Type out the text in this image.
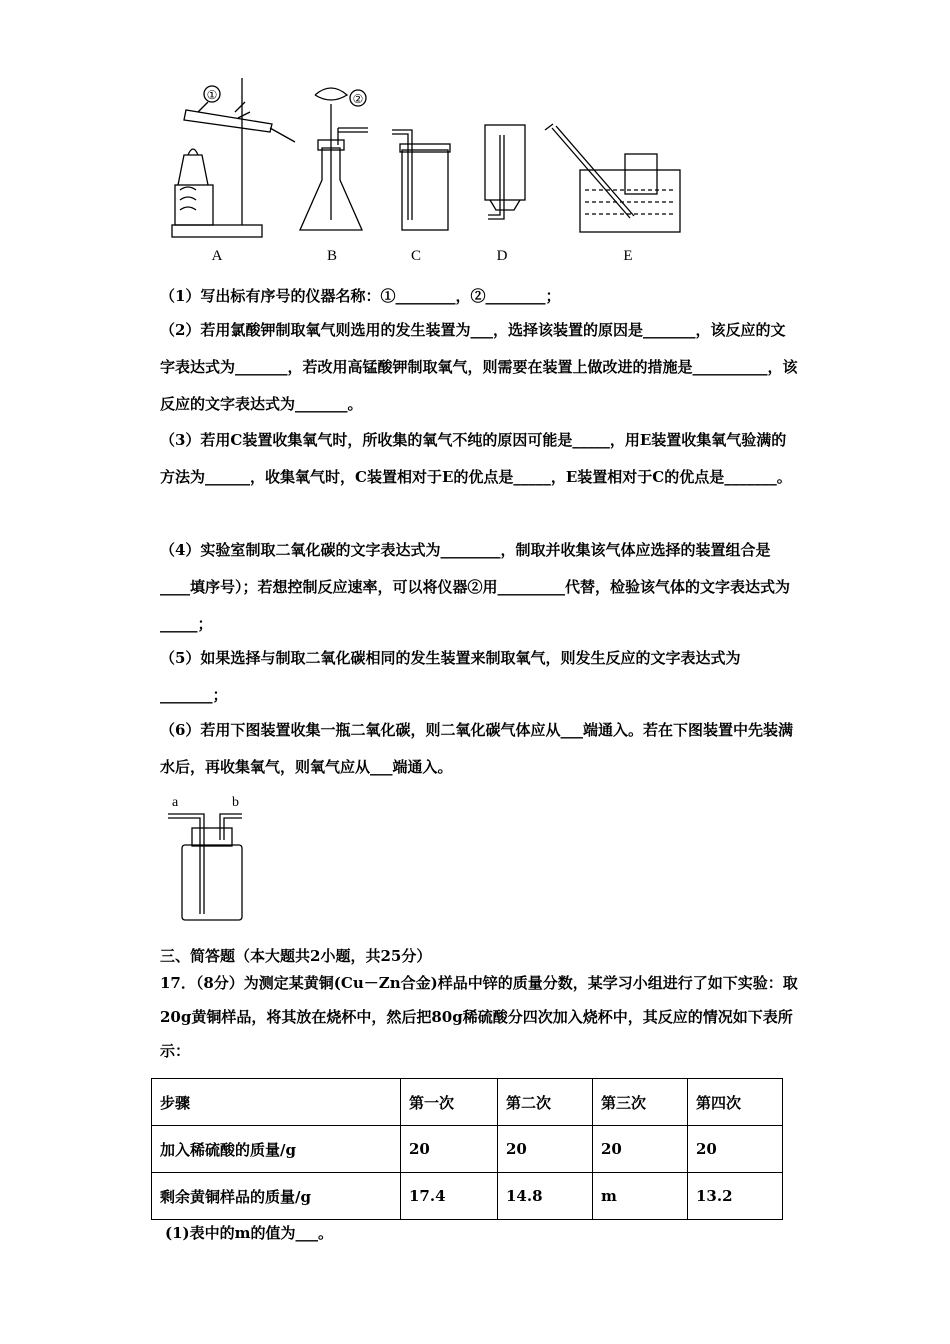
A	B	C	D	E
①	②

（1）写出标有序号的仪器名称：①________，②________；

（2）若用氯酸钾制取氧气则选用的发生装置为___，选择该装置的原因是_______，该反应的文字表达式为_______，若改用高锰酸钾制取氧气，则需要在装置上做改进的措施是__________，该反应的文字表达式为_______。

（3）若用C装置收集氧气时，所收集的氧气不纯的原因可能是_____，用E装置收集氧气验满的方法为______，收集氧气时，C装置相对于E的优点是_____，E装置相对于C的优点是_______。

（4）实验室制取二氧化碳的文字表达式为________，制取并收集该气体应选择的装置组合是____填序号）；若想控制反应速率，可以将仪器②用_________代替，检验该气体的文字表达式为_____；

（5）如果选择与制取二氧化碳相同的发生装置来制取氧气，则发生反应的文字表达式为_______；

（6）若用下图装置收集一瓶二氧化碳，则二氧化碳气体应从___端通入。若在下图装置中先装满水后，再收集氧气，则氧气应从___端通入。

a	b

三、简答题（本大题共2小题，共25分）

17．（8分）为测定某黄铜(Cu－Zn合金)样品中锌的质量分数，某学习小组进行了如下实验：取20g黄铜样品，将其放在烧杯中，然后把80g稀硫酸分四次加入烧杯中，其反应的情况如下表所示：

步骤	第一次	第二次	第三次	第四次
加入稀硫酸的质量/g	20	20	20	20
剩余黄铜样品的质量/g	17.4	14.8	m	13.2

(1)表中的m的值为___。
